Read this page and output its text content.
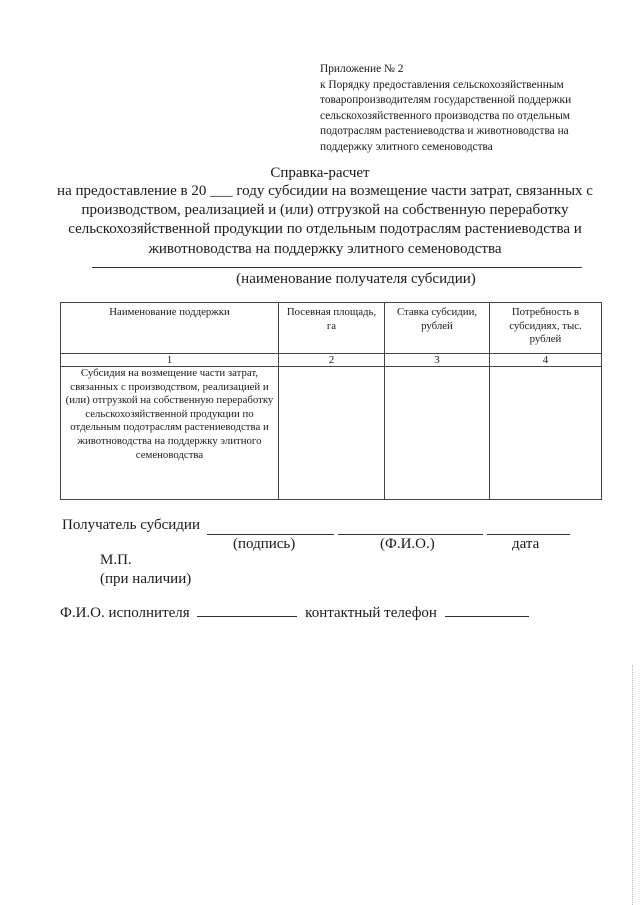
Приложение № 2
к Порядку предоставления сельскохозяйственным
товаропроизводителям государственной поддержки
сельскохозяйственного производства по отдельным
подотраслям растениеводства и животноводства на
поддержку элитного семеноводства
Справка-расчет
на предоставление в 20 ___ году субсидии на возмещение части затрат, связанных с
производством, реализацией и (или) отгрузкой на собственную переработку
сельскохозяйственной продукции по отдельным подотраслям растениеводства и
животноводства на поддержку элитного семеноводства
(наименование получателя субсидии)
Наименование поддержки	Посевная площадь, га	Ставка субсидии, рублей	Потребность в субсидиях, тыс. рублей
1	2	3	4
Субсидия на возмещение части затрат, связанных с производством, реализацией и (или) отгрузкой на собственную переработку сельскохозяйственной продукции по отдельным подотраслям растениеводства и животноводства на поддержку элитного семеноводства			
Получатель субсидии
(подпись)	(Ф.И.О.)	дата
М.П.
(при наличии)
Ф.И.О. исполнителя	контактный телефон
